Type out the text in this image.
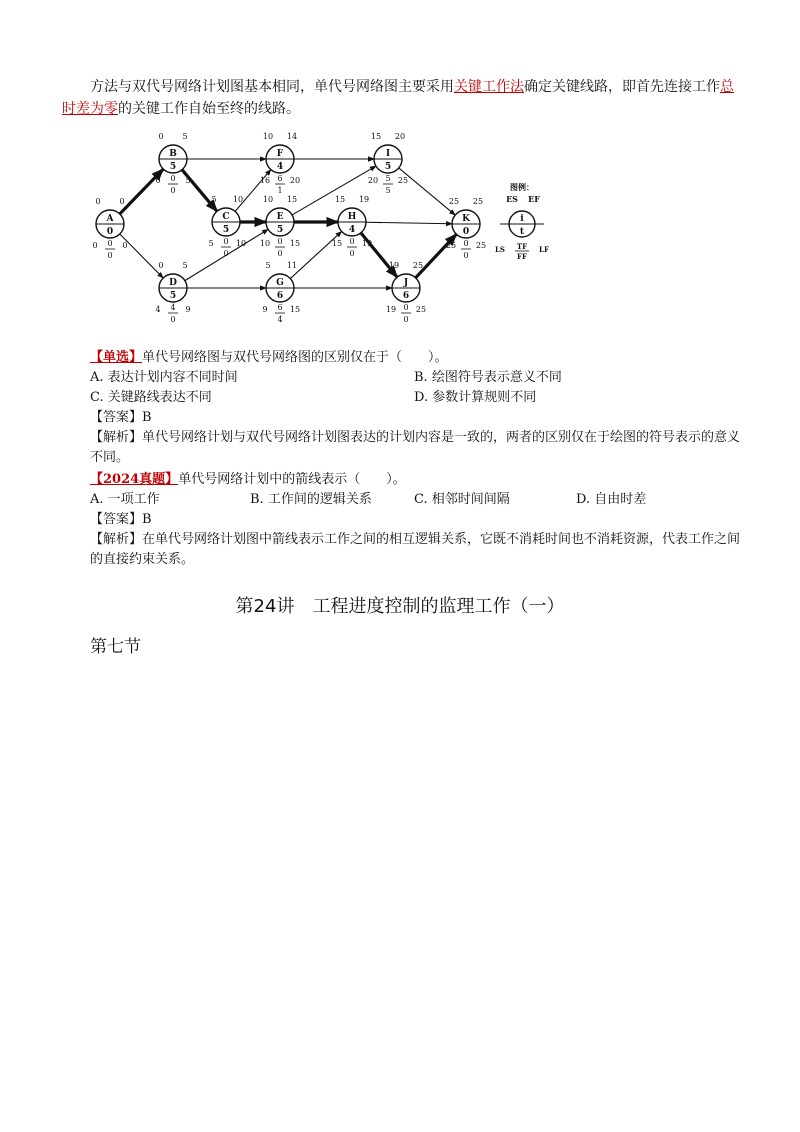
方法与双代号网络计划图基本相同，单代号网络图主要采用关键工作法确定关键线路，即首先连接工作总时差为零的关键工作自始至终的线路。

A
0
0 0
0 0
0
0
B
5
0 5
0 0
0
5
C
5
5 10
5 0
0
10
D
5
0 5
4 4
0
9
E
5
10 15
10 0
0
15
F
4
10 14
16 6
1
20
G
6
5 11
9 6
4
15
H
4
15 19
15 0
0
19
I
5
15 20
20 5
5
25
J
6
19 25
19 0
0
25
K
0
25 25
25 0
0
25
图例：
ES EF
i
t
LS TF
FF
LF
【单选】单代号网络图与双代号网络图的区别仅在于（　　）。
A. 表达计划内容不同时间	B. 绘图符号表示意义不同
C. 关键路线表达不同	D. 参数计算规则不同
【答案】B
【解析】单代号网络计划与双代号网络计划图表达的计划内容是一致的，两者的区别仅在于绘图的符号表示的意义不同。
【2024真题】单代号网络计划中的箭线表示（　　）。
A. 一项工作	B. 工作间的逻辑关系	C. 相邻时间间隔	D. 自由时差
【答案】B
【解析】在单代号网络计划图中箭线表示工作之间的相互逻辑关系，它既不消耗时间也不消耗资源，代表工作之间的直接约束关系。
第24讲　工程进度控制的监理工作（一）
第七节
